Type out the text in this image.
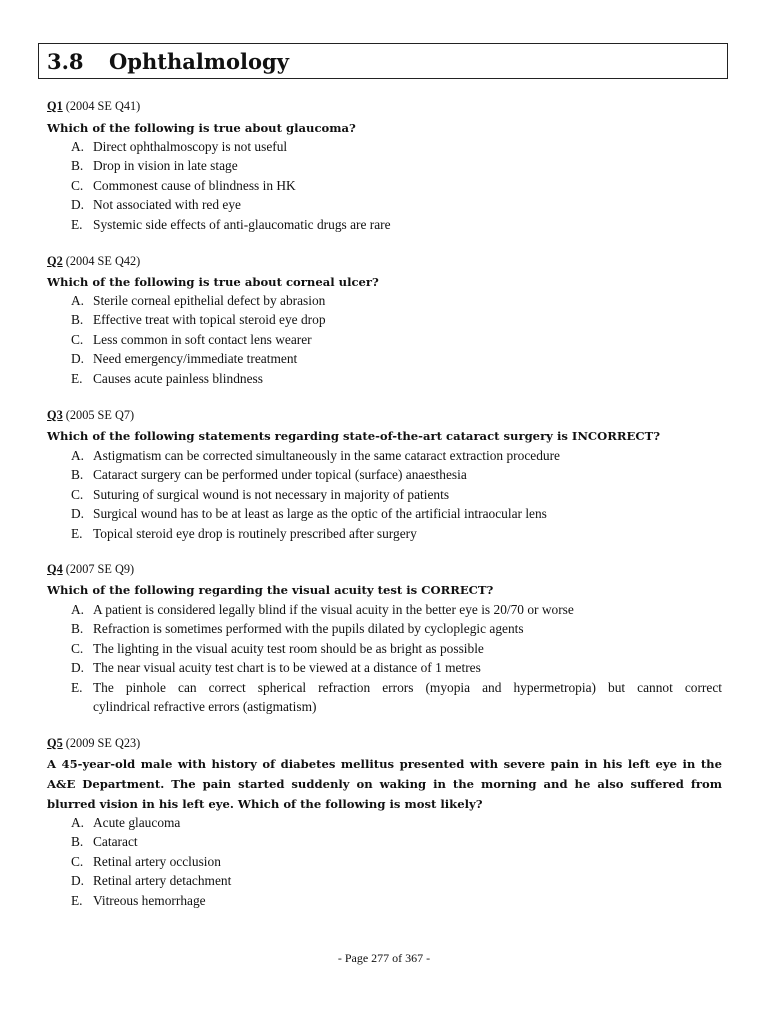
3.8	Ophthalmology
Q1 (2004 SE Q41)
Which of the following is true about glaucoma?
A. Direct ophthalmoscopy is not useful
B. Drop in vision in late stage
C. Commonest cause of blindness in HK
D. Not associated with red eye
E. Systemic side effects of anti-glaucomatic drugs are rare
Q2 (2004 SE Q42)
Which of the following is true about corneal ulcer?
A. Sterile corneal epithelial defect by abrasion
B. Effective treat with topical steroid eye drop
C. Less common in soft contact lens wearer
D. Need emergency/immediate treatment
E. Causes acute painless blindness
Q3 (2005 SE Q7)
Which of the following statements regarding state-of-the-art cataract surgery is INCORRECT?
A. Astigmatism can be corrected simultaneously in the same cataract extraction procedure
B. Cataract surgery can be performed under topical (surface) anaesthesia
C. Suturing of surgical wound is not necessary in majority of patients
D. Surgical wound has to be at least as large as the optic of the artificial intraocular lens
E. Topical steroid eye drop is routinely prescribed after surgery
Q4 (2007 SE Q9)
Which of the following regarding the visual acuity test is CORRECT?
A. A patient is considered legally blind if the visual acuity in the better eye is 20/70 or worse
B. Refraction is sometimes performed with the pupils dilated by cycloplegic agents
C. The lighting in the visual acuity test room should be as bright as possible
D. The near visual acuity test chart is to be viewed at a distance of 1 metres
E. The pinhole can correct spherical refraction errors (myopia and hypermetropia) but cannot correct
cylindrical refractive errors (astigmatism)
Q5 (2009 SE Q23)
A 45-year-old male with history of diabetes mellitus presented with severe pain in his left eye in the A&E Department. The pain started suddenly on waking in the morning and he also suffered from blurred vision in his left eye. Which of the following is most likely?
A. Acute glaucoma
B. Cataract
C. Retinal artery occlusion
D. Retinal artery detachment
E. Vitreous hemorrhage
- Page 277 of 367 -
